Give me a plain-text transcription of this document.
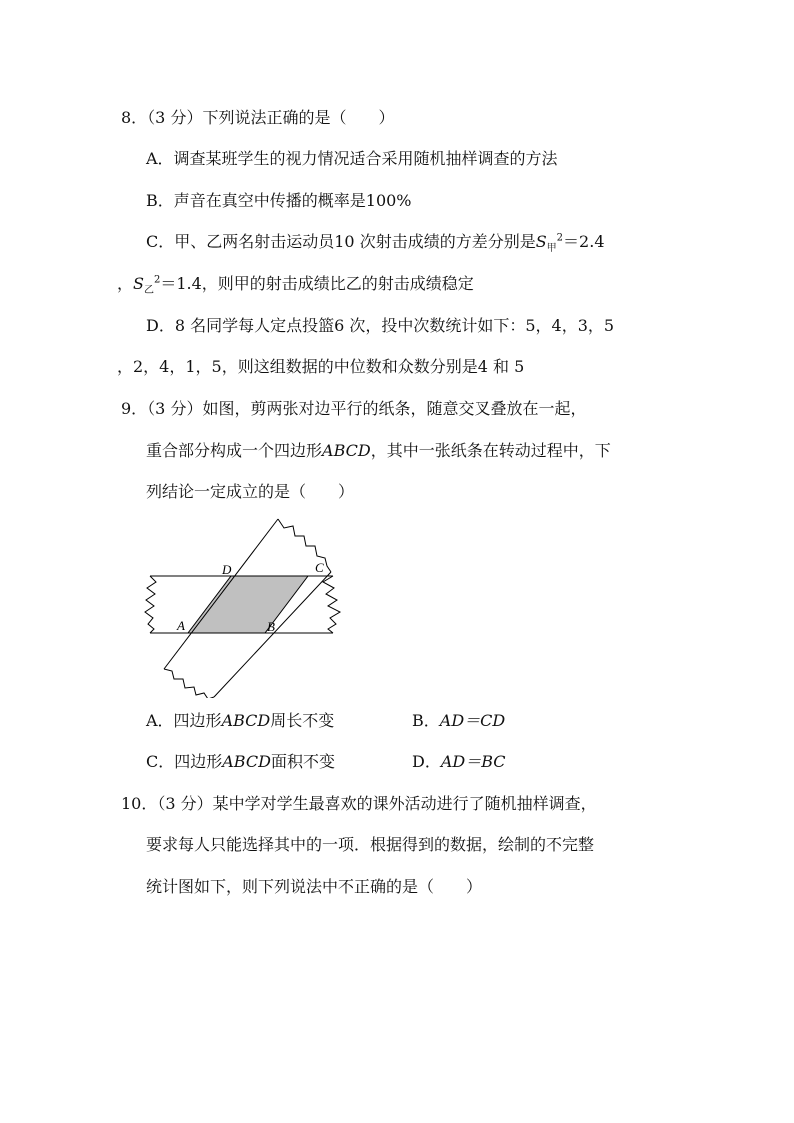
8．（3 分）下列说法正确的是（　　）
A．调查某班学生的视力情况适合采用随机抽样调查的方法
B．声音在真空中传播的概率是100%
C．甲、乙两名射击运动员10 次射击成绩的方差分别是$S_甲^2=2.4$
，$S_乙^2=1.4$，则甲的射击成绩比乙的射击成绩稳定
D．8 名同学每人定点投篮6 次，投中次数统计如下：5，4，3，5
，2，4，1，5，则这组数据的中位数和众数分别是4 和 5
9．（3 分）如图，剪两张对边平行的纸条，随意交叉叠放在一起，
重合部分构成一个四边形ABCD，其中一张纸条在转动过程中，下
列结论一定成立的是（　　）
A	B
C
D
A．四边形ABCD周长不变	B．AD＝CD
C．四边形ABCD面积不变	D．AD＝BC
10．（3 分）某中学对学生最喜欢的课外活动进行了随机抽样调查，
要求每人只能选择其中的一项．根据得到的数据，绘制的不完整
统计图如下，则下列说法中不正确的是（　　）
